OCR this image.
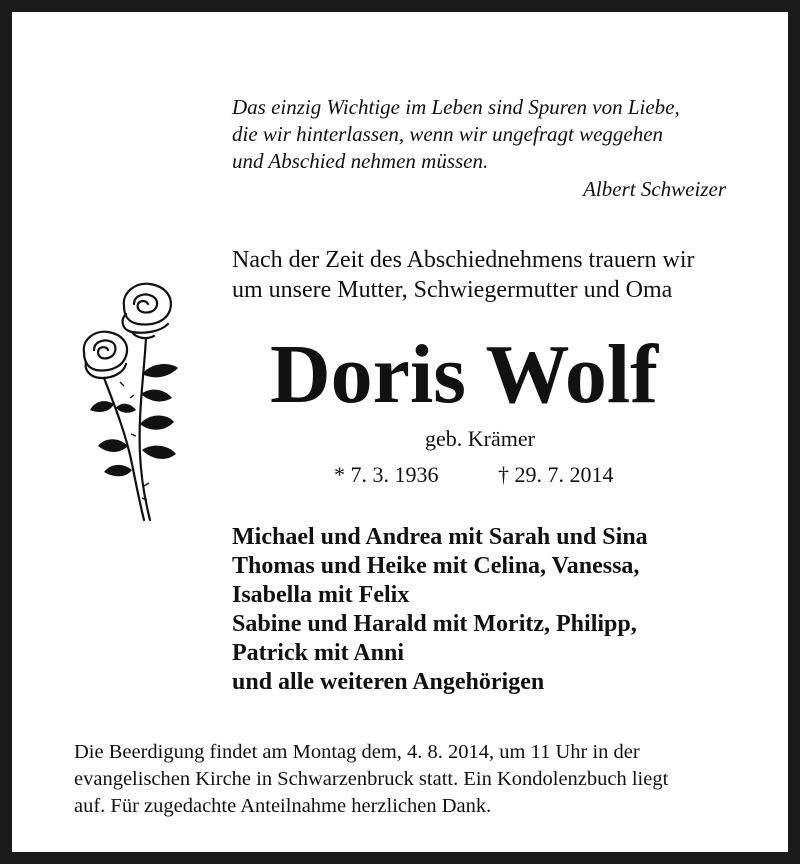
Das einzig Wichtige im Leben sind Spuren von Liebe,
die wir hinterlassen, wenn wir ungefragt weggehen
und Abschied nehmen müssen.
Albert Schweizer
Nach der Zeit des Abschiednehmens trauern wir
um unsere Mutter, Schwiegermutter und Oma
Doris Wolf
geb. Krämer
* 7. 3. 1936	† 29. 7. 2014
Michael und Andrea mit Sarah und Sina
Thomas und Heike mit Celina, Vanessa,
Isabella mit Felix
Sabine und Harald mit Moritz, Philipp,
Patrick mit Anni
und alle weiteren Angehörigen
Die Beerdigung findet am Montag dem, 4. 8. 2014, um 11 Uhr in der
evangelischen Kirche in Schwarzenbruck statt. Ein Kondolenzbuch liegt
auf. Für zugedachte Anteilnahme herzlichen Dank.
